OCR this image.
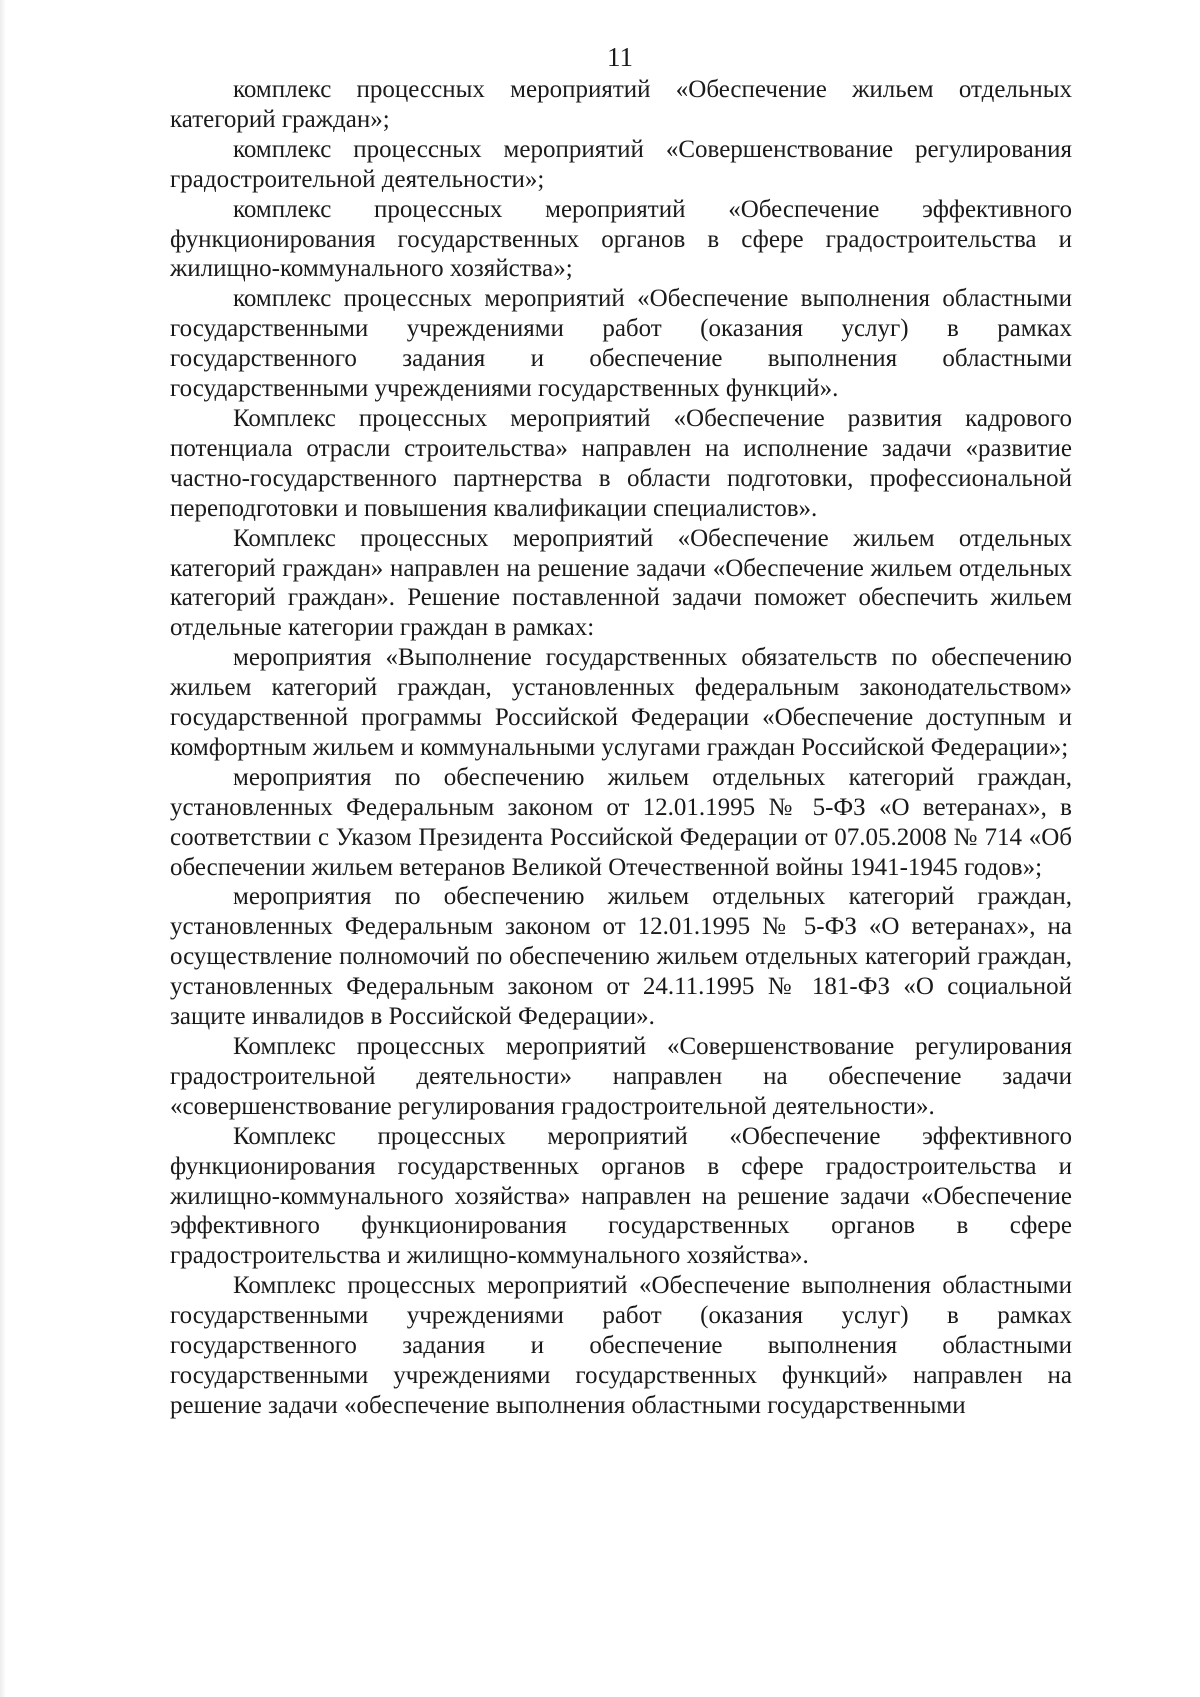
11

комплекс процессных мероприятий «Обеспечение жильем отдельных категорий граждан»;

комплекс процессных мероприятий «Совершенствование регулирования градостроительной деятельности»;

комплекс процессных мероприятий «Обеспечение эффективного функционирования государственных органов в сфере градостроительства и жилищно-коммунального хозяйства»;

комплекс процессных мероприятий «Обеспечение выполнения областными государственными учреждениями работ (оказания услуг) в рамках государственного задания и обеспечение выполнения областными государственными учреждениями государственных функций».

Комплекс процессных мероприятий «Обеспечение развития кадрового потенциала отрасли строительства» направлен на исполнение задачи «развитие частно-государственного партнерства в области подготовки, профессиональной переподготовки и повышения квалификации специалистов».

Комплекс процессных мероприятий «Обеспечение жильем отдельных категорий граждан» направлен на решение задачи «Обеспечение жильем отдельных категорий граждан». Решение поставленной задачи поможет обеспечить жильем отдельные категории граждан в рамках:

мероприятия «Выполнение государственных обязательств по обеспечению жильем категорий граждан, установленных федеральным законодательством» государственной программы Российской Федерации «Обеспечение доступным и комфортным жильем и коммунальными услугами граждан Российской Федерации»;

мероприятия по обеспечению жильем отдельных категорий граждан, установленных Федеральным законом от 12.01.1995 № 5-ФЗ «О ветеранах», в соответствии с Указом Президента Российской Федерации от 07.05.2008 № 714 «Об обеспечении жильем ветеранов Великой Отечественной войны 1941-1945 годов»;

мероприятия по обеспечению жильем отдельных категорий граждан, установленных Федеральным законом от 12.01.1995 № 5-ФЗ «О ветеранах», на осуществление полномочий по обеспечению жильем отдельных категорий граждан, установленных Федеральным законом от 24.11.1995 № 181-ФЗ «О социальной защите инвалидов в Российской Федерации».

Комплекс процессных мероприятий «Совершенствование регулирования градостроительной деятельности» направлен на обеспечение задачи «совершенствование регулирования градостроительной деятельности».

Комплекс процессных мероприятий «Обеспечение эффективного функционирования государственных органов в сфере градостроительства и жилищно-коммунального хозяйства» направлен на решение задачи «Обеспечение эффективного функционирования государственных органов в сфере градостроительства и жилищно-коммунального хозяйства».

Комплекс процессных мероприятий «Обеспечение выполнения областными государственными учреждениями работ (оказания услуг) в рамках государственного задания и обеспечение выполнения областными государственными учреждениями государственных функций» направлен на решение задачи «обеспечение выполнения областными государственными
